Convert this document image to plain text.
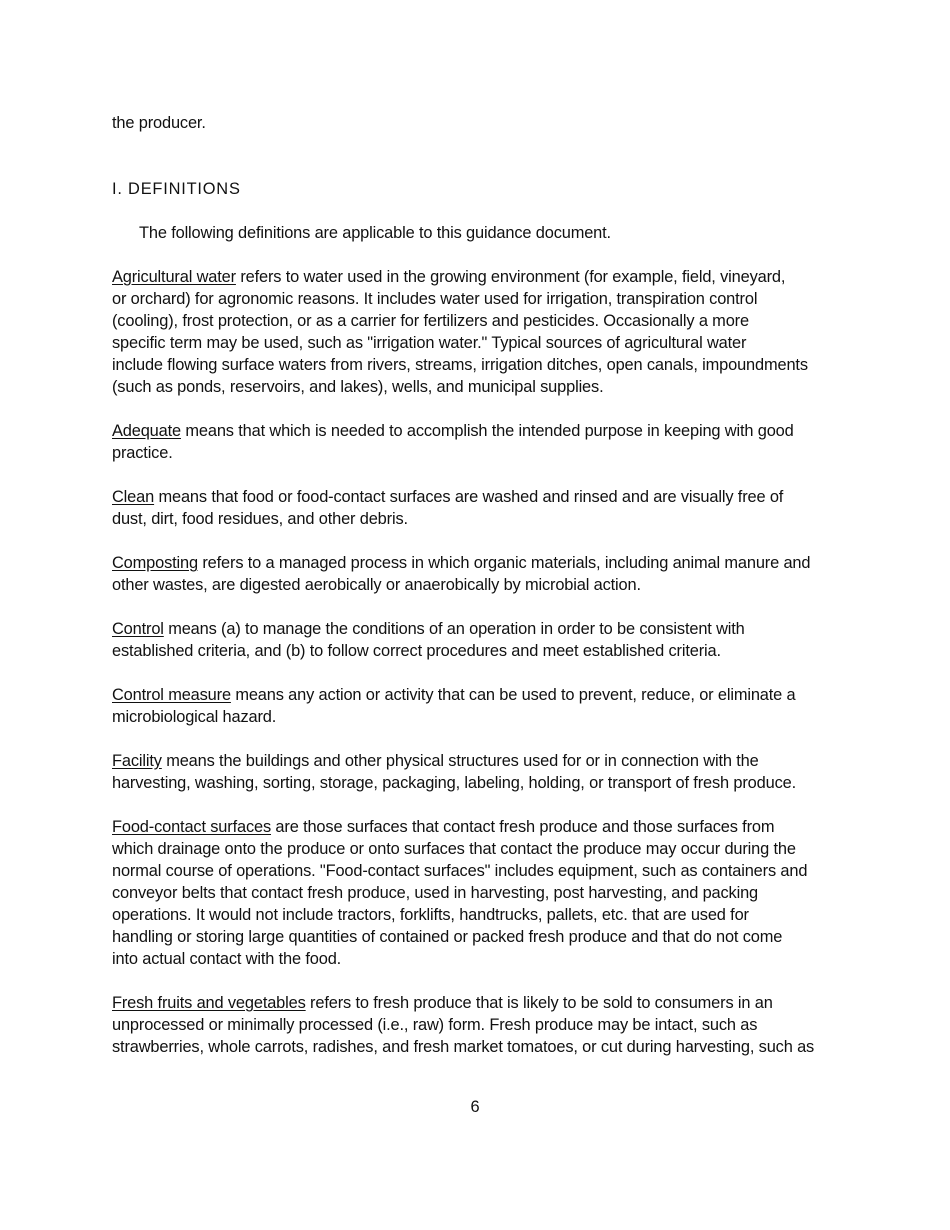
the producer.

I. DEFINITIONS

The following definitions are applicable to this guidance document.

Agricultural water refers to water used in the growing environment (for example, field, vineyard,
or orchard) for agronomic reasons. It includes water used for irrigation, transpiration control
(cooling), frost protection, or as a carrier for fertilizers and pesticides. Occasionally a more
specific term may be used, such as "irrigation water." Typical sources of agricultural water
include flowing surface waters from rivers, streams, irrigation ditches, open canals, impoundments
(such as ponds, reservoirs, and lakes), wells, and municipal supplies.
Adequate means that which is needed to accomplish the intended purpose in keeping with good
practice.
Clean means that food or food-contact surfaces are washed and rinsed and are visually free of
dust, dirt, food residues, and other debris.
Composting refers to a managed process in which organic materials, including animal manure and
other wastes, are digested aerobically or anaerobically by microbial action.
Control means (a) to manage the conditions of an operation in order to be consistent with
established criteria, and (b) to follow correct procedures and meet established criteria.
Control measure means any action or activity that can be used to prevent, reduce, or eliminate a
microbiological hazard.
Facility means the buildings and other physical structures used for or in connection with the
harvesting, washing, sorting, storage, packaging, labeling, holding, or transport of fresh produce.
Food-contact surfaces are those surfaces that contact fresh produce and those surfaces from
which drainage onto the produce or onto surfaces that contact the produce may occur during the
normal course of operations. "Food-contact surfaces" includes equipment, such as containers and
conveyor belts that contact fresh produce, used in harvesting, post harvesting, and packing
operations. It would not include tractors, forklifts, handtrucks, pallets, etc. that are used for
handling or storing large quantities of contained or packed fresh produce and that do not come
into actual contact with the food.
Fresh fruits and vegetables refers to fresh produce that is likely to be sold to consumers in an
unprocessed or minimally processed (i.e., raw) form. Fresh produce may be intact, such as
strawberries, whole carrots, radishes, and fresh market tomatoes, or cut during harvesting, such as
6
